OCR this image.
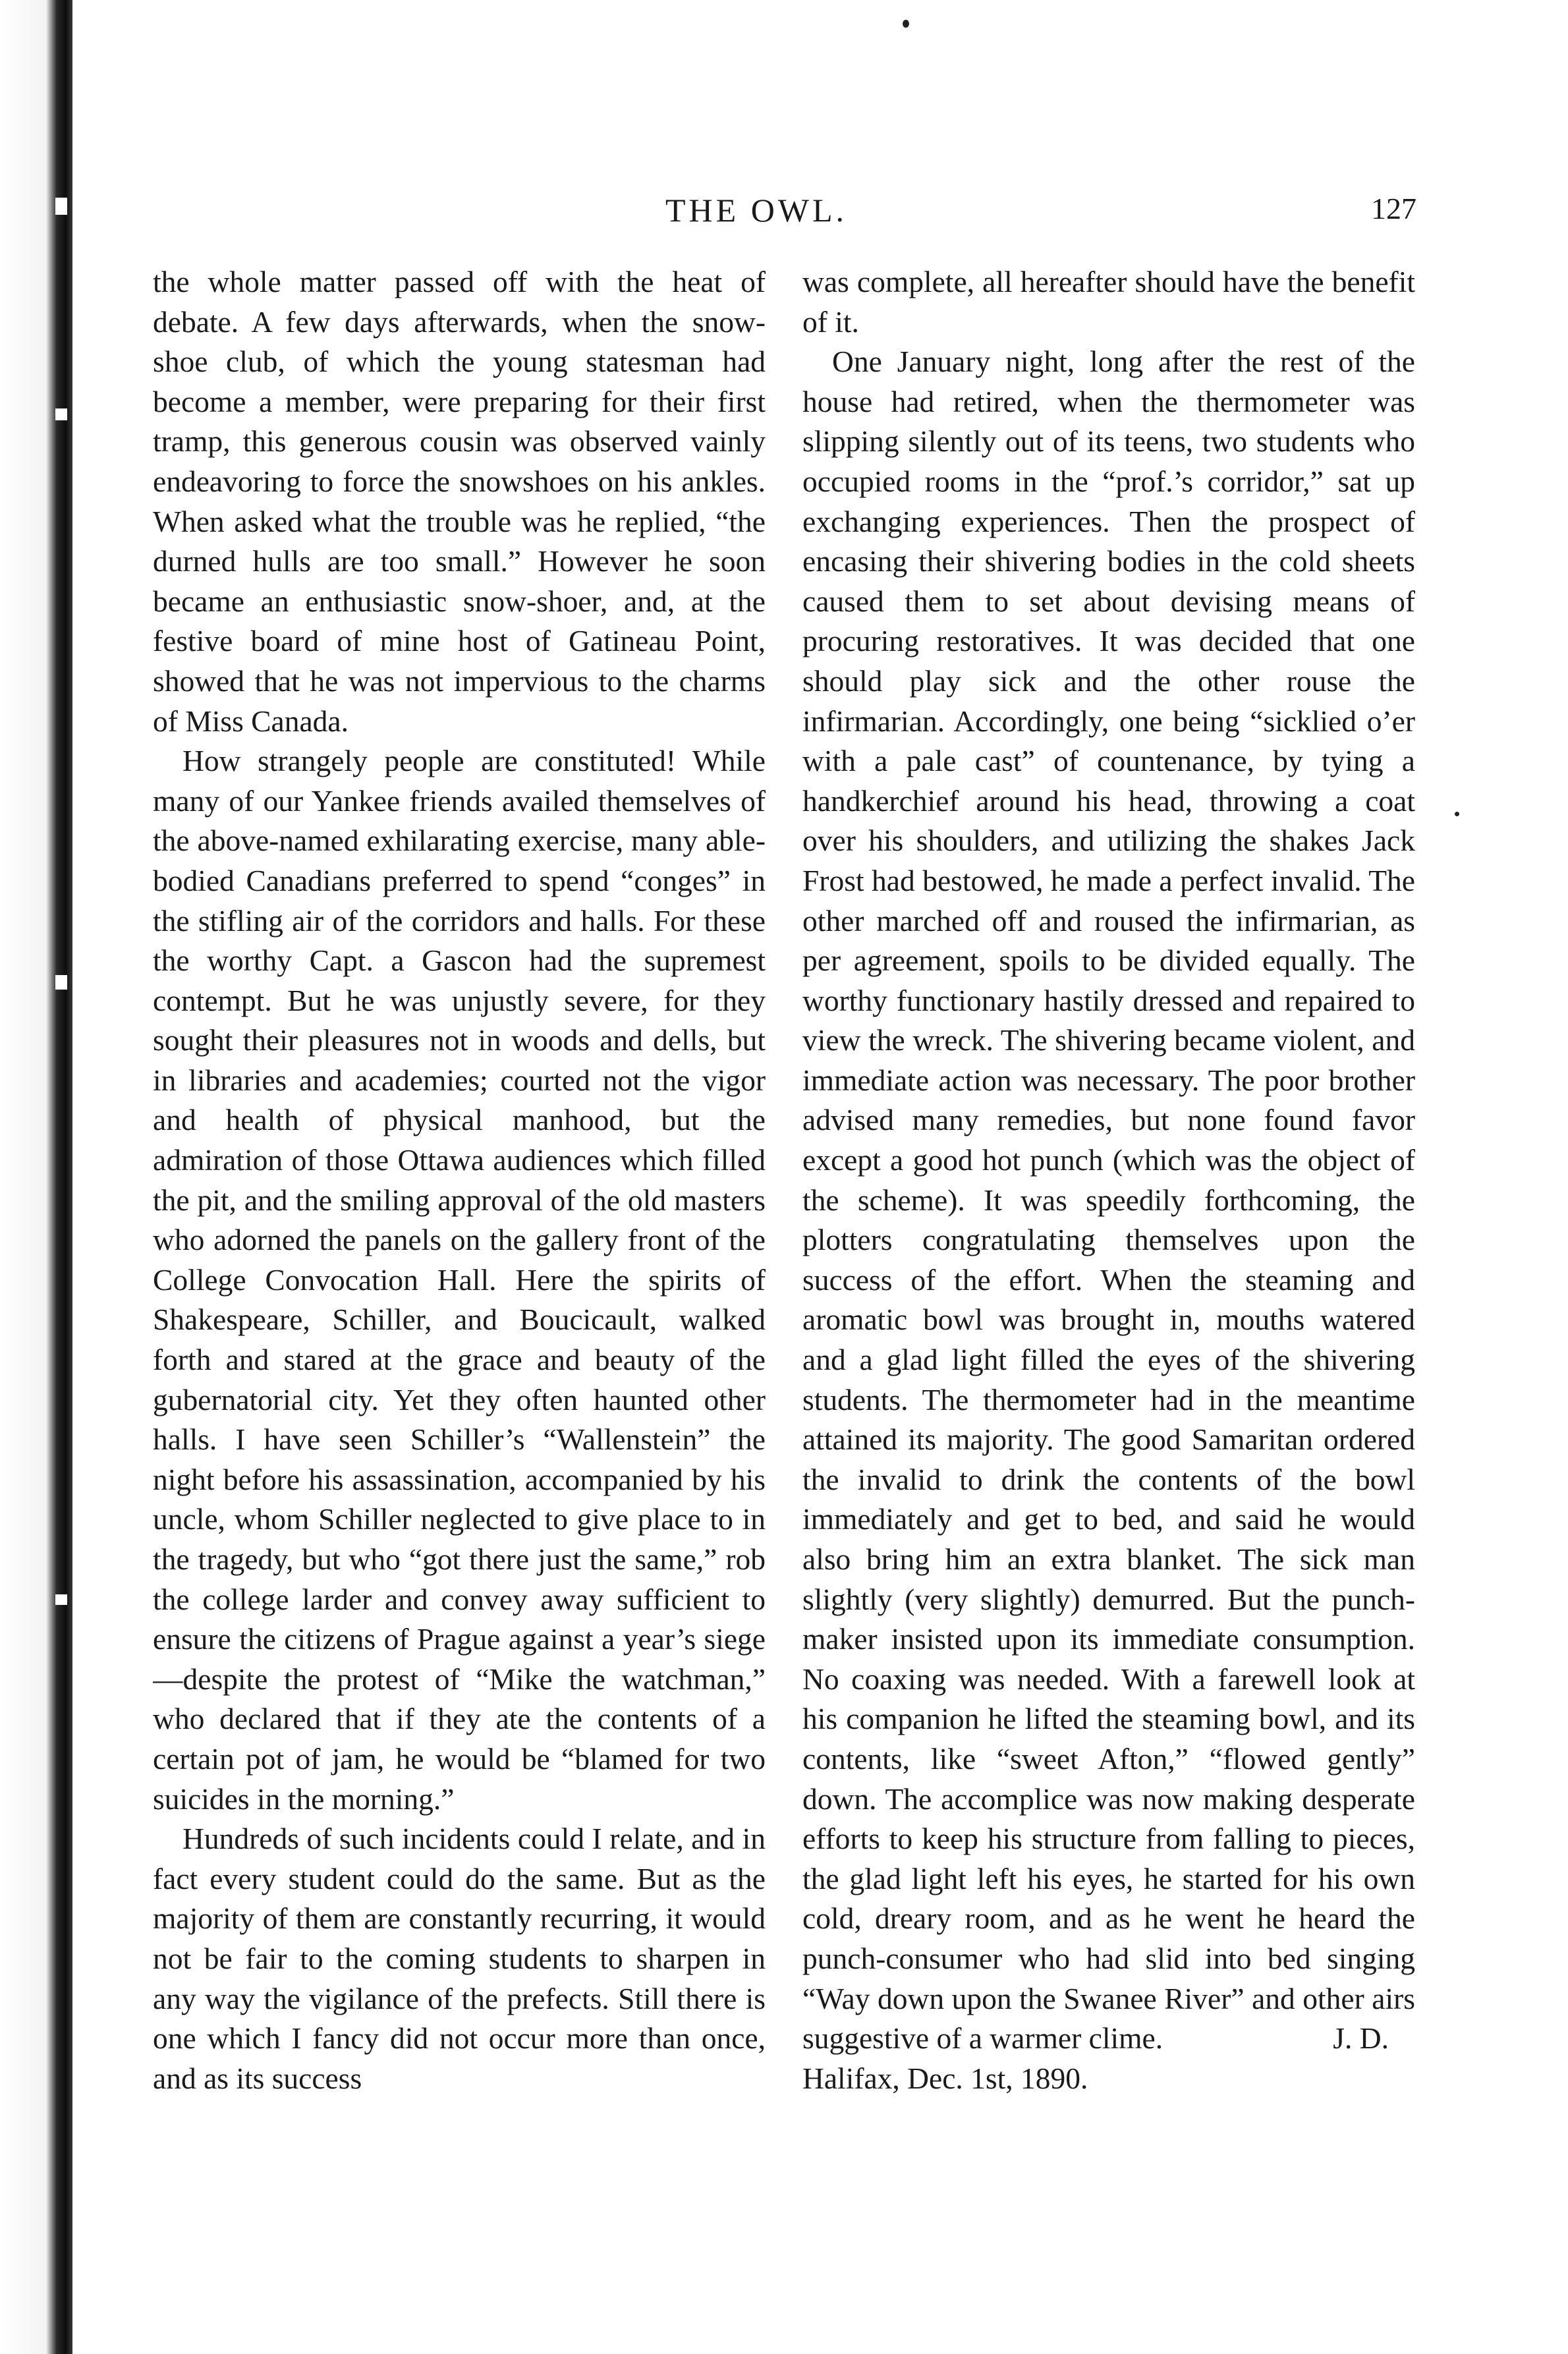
THE OWL.	127

the whole matter passed off with the heat of debate. A few days afterwards, when the snow-shoe club, of which the young statesman had become a member, were preparing for their first tramp, this generous cousin was observed vainly endeavoring to force the snowshoes on his ankles. When asked what the trouble was he replied, “the durned hulls are too small.” However he soon became an enthusiastic snow-shoer, and, at the festive board of mine host of Gatineau Point, showed that he was not impervious to the charms of Miss Canada.

How strangely people are constituted! While many of our Yankee friends availed themselves of the above-named exhilarating exercise, many able-bodied Canadians preferred to spend “conges” in the stifling air of the corridors and halls. For these the worthy Capt. a Gascon had the supremest contempt. But he was unjustly severe, for they sought their pleasures not in woods and dells, but in libraries and academies; courted not the vigor and health of physical manhood, but the admiration of those Ottawa audiences which filled the pit, and the smiling approval of the old masters who adorned the panels on the gallery front of the College Convocation Hall. Here the spirits of Shakespeare, Schiller, and Boucicault, walked forth and stared at the grace and beauty of the gubernatorial city. Yet they often haunted other halls. I have seen Schiller’s “Wallenstein” the night before his assassination, accompanied by his uncle, whom Schiller neglected to give place to in the tragedy, but who “got there just the same,” rob the college larder and convey away sufficient to ensure the citizens of Prague against a year’s siege—despite the protest of “Mike the watchman,” who declared that if they ate the contents of a certain pot of jam, he would be “blamed for two suicides in the morning.”

Hundreds of such incidents could I relate, and in fact every student could do the same. But as the majority of them are constantly recurring, it would not be fair to the coming students to sharpen in any way the vigilance of the prefects. Still there is one which I fancy did not occur more than once, and as its success

was complete, all hereafter should have the benefit of it.

One January night, long after the rest of the house had retired, when the thermometer was slipping silently out of its teens, two students who occupied rooms in the “prof.’s corridor,” sat up exchanging experiences. Then the prospect of encasing their shivering bodies in the cold sheets caused them to set about devising means of procuring restoratives. It was decided that one should play sick and the other rouse the infirmarian. Accordingly, one being “sicklied o’er with a pale cast” of countenance, by tying a handkerchief around his head, throwing a coat over his shoulders, and utilizing the shakes Jack Frost had bestowed, he made a perfect invalid. The other marched off and roused the infirmarian, as per agreement, spoils to be divided equally. The worthy functionary hastily dressed and repaired to view the wreck. The shivering became violent, and immediate action was necessary. The poor brother advised many remedies, but none found favor except a good hot punch (which was the object of the scheme). It was speedily forthcoming, the plotters congratulating themselves upon the success of the effort. When the steaming and aromatic bowl was brought in, mouths watered and a glad light filled the eyes of the shivering students. The thermometer had in the meantime attained its majority. The good Samaritan ordered the invalid to drink the contents of the bowl immediately and get to bed, and said he would also bring him an extra blanket. The sick man slightly (very slightly) demurred. But the punch-maker insisted upon its immediate consumption. No coaxing was needed. With a farewell look at his companion he lifted the steaming bowl, and its contents, like “sweet Afton,” “flowed gently” down. The accomplice was now making desperate efforts to keep his structure from falling to pieces, the glad light left his eyes, he started for his own cold, dreary room, and as he went he heard the punch-consumer who had slid into bed singing “Way down upon the Swanee River” and other airs suggestive of a warmer clime.	J. D.

Halifax, Dec. 1st, 1890.
